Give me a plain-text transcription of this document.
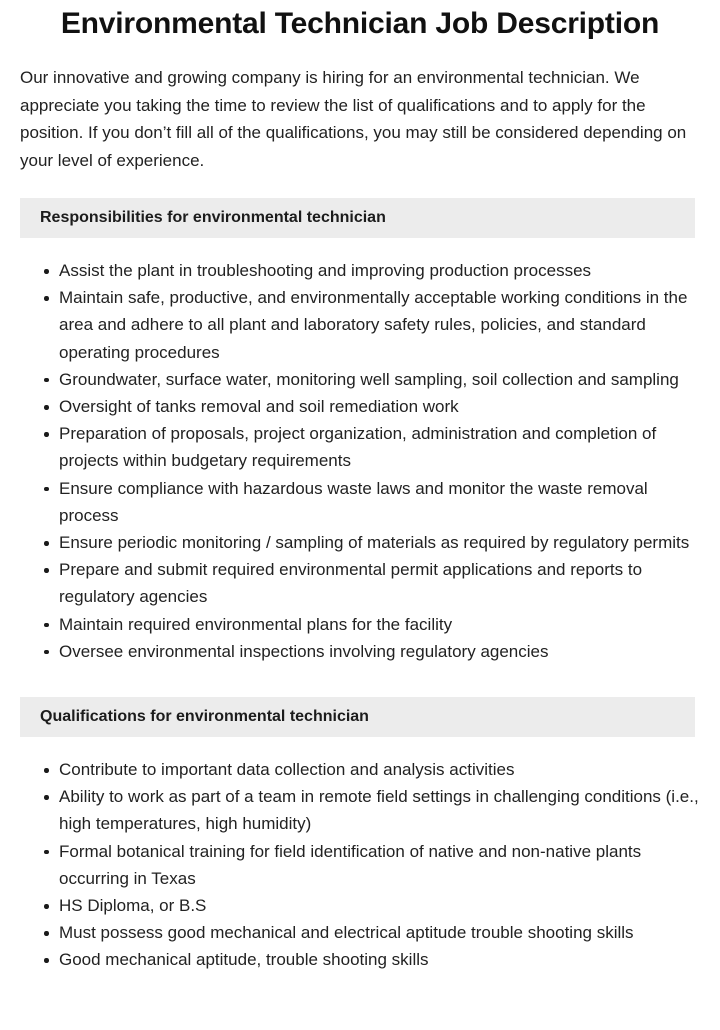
Environmental Technician Job Description

Our innovative and growing company is hiring for an environmental technician. We appreciate you taking the time to review the list of qualifications and to apply for the position. If you don’t fill all of the qualifications, you may still be considered depending on your level of experience.

Responsibilities for environmental technician
Assist the plant in troubleshooting and improving production processes
Maintain safe, productive, and environmentally acceptable working conditions in the area and adhere to all plant and laboratory safety rules, policies, and standard operating procedures
Groundwater, surface water, monitoring well sampling, soil collection and sampling
Oversight of tanks removal and soil remediation work
Preparation of proposals, project organization, administration and completion of projects within budgetary requirements
Ensure compliance with hazardous waste laws and monitor the waste removal process
Ensure periodic monitoring / sampling of materials as required by regulatory permits
Prepare and submit required environmental permit applications and reports to regulatory agencies
Maintain required environmental plans for the facility
Oversee environmental inspections involving regulatory agencies
Qualifications for environmental technician
Contribute to important data collection and analysis activities
Ability to work as part of a team in remote field settings in challenging conditions (i.e., high temperatures, high humidity)
Formal botanical training for field identification of native and non-native plants occurring in Texas
HS Diploma, or B.S
Must possess good mechanical and electrical aptitude trouble shooting skills
Good mechanical aptitude, trouble shooting skills
